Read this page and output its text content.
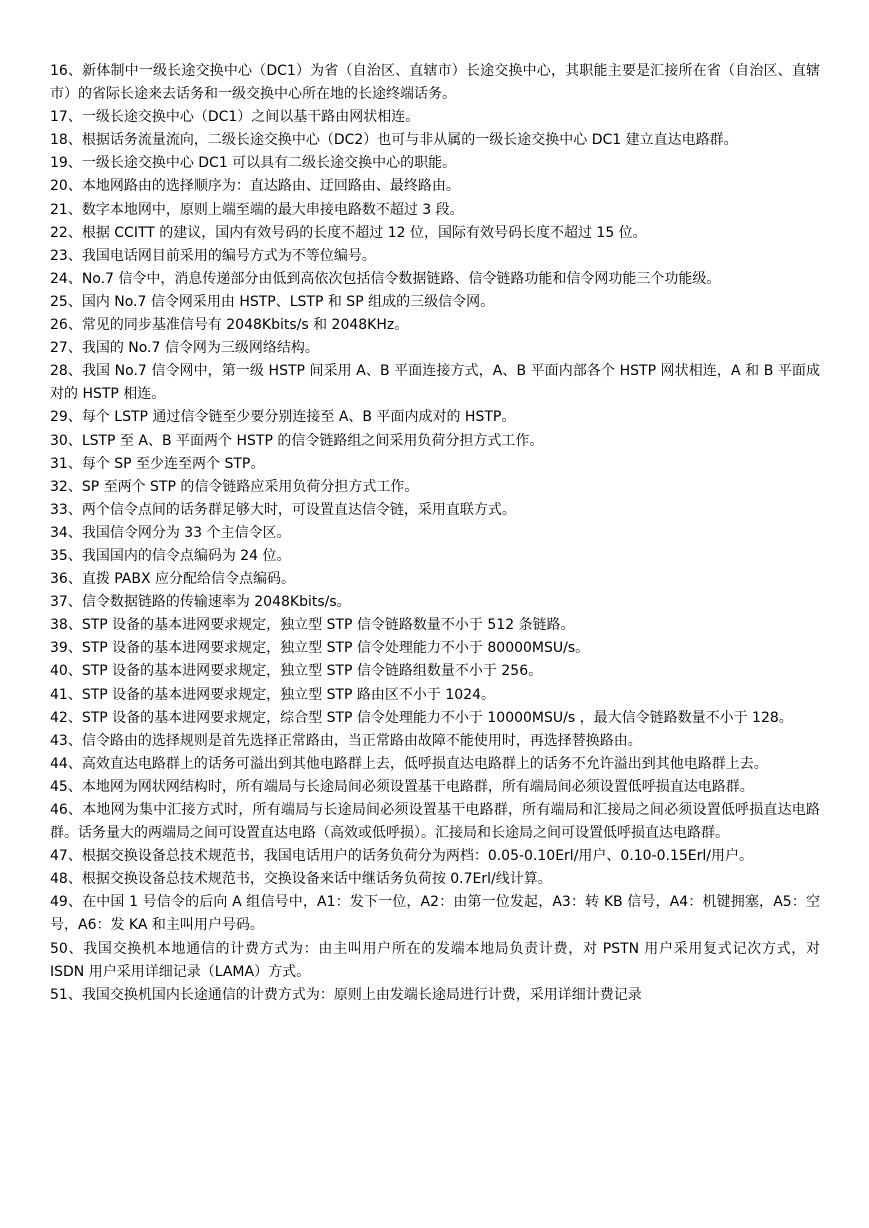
16、新体制中一级长途交换中心（DC1）为省（自治区、直辖市）长途交换中心，其职能主要是汇接所在省（自治区、直辖市）的省际长途来去话务和一级交换中心所在地的长途终端话务。

17、一级长途交换中心（DC1）之间以基干路由网状相连。

18、根据话务流量流向，二级长途交换中心（DC2）也可与非从属的一级长途交换中心 DC1 建立直达电路群。

19、一级长途交换中心 DC1 可以具有二级长途交换中心的职能。

20、本地网路由的选择顺序为：直达路由、迂回路由、最终路由。

21、数字本地网中，原则上端至端的最大串接电路数不超过 3 段。

22、根据 CCITT 的建议，国内有效号码的长度不超过 12 位，国际有效号码长度不超过 15 位。

23、我国电话网目前采用的编号方式为不等位编号。

24、No.7 信令中，消息传递部分由低到高依次包括信令数据链路、信令链路功能和信令网功能三个功能级。

25、国内 No.7 信令网采用由 HSTP、LSTP 和 SP 组成的三级信令网。

26、常见的同步基准信号有 2048Kbits/s 和 2048KHz。

27、我国的 No.7 信令网为三级网络结构。

28、我国 No.7 信令网中，第一级 HSTP 间采用 A、B 平面连接方式，A、B 平面内部各个 HSTP 网状相连，A 和 B 平面成对的 HSTP 相连。

29、每个 LSTP 通过信令链至少要分别连接至 A、B 平面内成对的 HSTP。

30、LSTP 至 A、B 平面两个 HSTP 的信令链路组之间采用负荷分担方式工作。

31、每个 SP 至少连至两个 STP。

32、SP 至两个 STP 的信令链路应采用负荷分担方式工作。

33、两个信令点间的话务群足够大时，可设置直达信令链，采用直联方式。

34、我国信令网分为 33 个主信令区。

35、我国国内的信令点编码为 24 位。

36、直拨 PABX 应分配给信令点编码。

37、信令数据链路的传输速率为 2048Kbits/s。

38、STP 设备的基本进网要求规定，独立型 STP 信令链路数量不小于 512 条链路。

39、STP 设备的基本进网要求规定，独立型 STP 信令处理能力不小于 80000MSU/s。

40、STP 设备的基本进网要求规定，独立型 STP 信令链路组数量不小于 256。

41、STP 设备的基本进网要求规定，独立型 STP 路由区不小于 1024。

42、STP 设备的基本进网要求规定，综合型 STP 信令处理能力不小于 10000MSU/s ，最大信令链路数量不小于 128。

43、信令路由的选择规则是首先选择正常路由，当正常路由故障不能使用时，再选择替换路由。

44、高效直达电路群上的话务可溢出到其他电路群上去，低呼损直达电路群上的话务不允许溢出到其他电路群上去。

45、本地网为网状网结构时，所有端局与长途局间必须设置基干电路群，所有端局间必须设置低呼损直达电路群。

46、本地网为集中汇接方式时，所有端局与长途局间必须设置基干电路群，所有端局和汇接局之间必须设置低呼损直达电路群。话务量大的两端局之间可设置直达电路（高效或低呼损）。汇接局和长途局之间可设置低呼损直达电路群。

47、根据交换设备总技术规范书，我国电话用户的话务负荷分为两档：0.05-0.10Erl/用户、0.10-0.15Erl/用户。

48、根据交换设备总技术规范书，交换设备来话中继话务负荷按 0.7Erl/线计算。

49、在中国 1 号信令的后向 A 组信号中，A1：发下一位，A2：由第一位发起，A3：转 KB 信号，A4：机键拥塞，A5：空号，A6：发 KA 和主叫用户号码。

50、我国交换机本地通信的计费方式为：由主叫用户所在的发端本地局负责计费，对 PSTN 用户采用复式记次方式，对 ISDN 用户采用详细记录（LAMA）方式。

51、我国交换机国内长途通信的计费方式为：原则上由发端长途局进行计费，采用详细计费记录
